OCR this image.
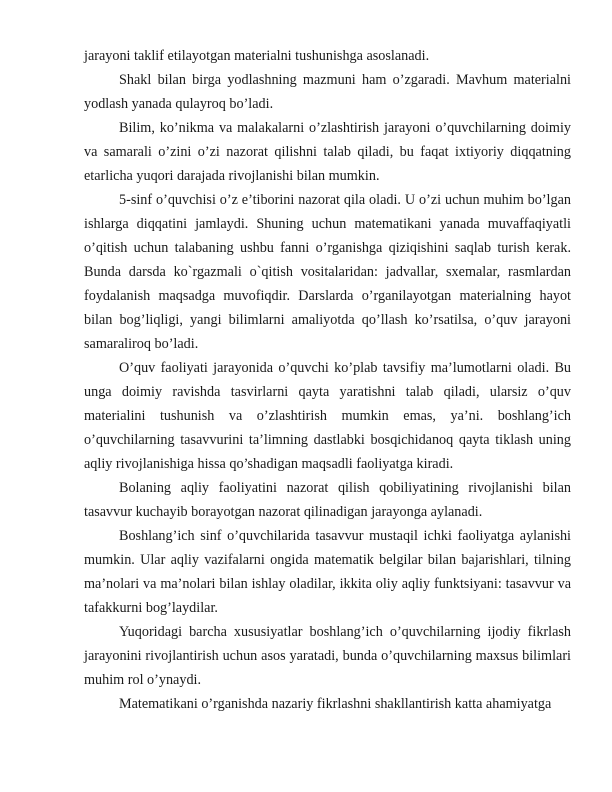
jarayoni taklif etilayotgan materialni tushunishga asoslanadi.

Shakl bilan birga yodlashning mazmuni ham o’zgaradi. Mavhum materialni yodlash yanada qulayroq bo’ladi.

Bilim, ko’nikma va malakalarni o’zlashtirish jarayoni o’quvchilarning doimiy va samarali o’zini o’zi nazorat qilishni talab qiladi, bu faqat ixtiyoriy diqqatning etarlicha yuqori darajada rivojlanishi bilan mumkin.

5-sinf o’quvchisi o’z e’tiborini nazorat qila oladi. U o’zi uchun muhim bo’lgan ishlarga diqqatini jamlaydi. Shuning uchun matematikani yanada muvaffaqiyatli o’qitish uchun talabaning ushbu fanni o’rganishga qiziqishini saqlab turish kerak. Bunda darsda ko`rgazmali o`qitish vositalaridan: jadvallar, sxemalar, rasmlardan foydalanish maqsadga muvofiqdir. Darslarda o’rganilayotgan materialning hayot bilan bog’liqligi, yangi bilimlarni amaliyotda qo’llash ko’rsatilsa, o’quv jarayoni samaraliroq bo’ladi.

O’quv faoliyati jarayonida o’quvchi ko’plab tavsifiy ma’lumotlarni oladi. Bu unga doimiy ravishda tasvirlarni qayta yaratishni talab qiladi, ularsiz o’quv materialini tushunish va o’zlashtirish mumkin emas, ya’ni. boshlang’ich o’quvchilarning tasavvurini ta’limning dastlabki bosqichidanoq qayta tiklash uning aqliy rivojlanishiga hissa qo’shadigan maqsadli faoliyatga kiradi.

Bolaning aqliy faoliyatini nazorat qilish qobiliyatining rivojlanishi bilan tasavvur kuchayib borayotgan nazorat qilinadigan jarayonga aylanadi.

Boshlang’ich sinf o’quvchilarida tasavvur mustaqil ichki faoliyatga aylanishi mumkin. Ular aqliy vazifalarni ongida matematik belgilar bilan bajarishlari, tilning ma’nolari va ma’nolari bilan ishlay oladilar, ikkita oliy aqliy funktsiyani: tasavvur va tafakkurni bog’laydilar.

Yuqoridagi barcha xususiyatlar boshlang’ich o’quvchilarning ijodiy fikrlash jarayonini rivojlantirish uchun asos yaratadi, bunda o’quvchilarning maxsus bilimlari muhim rol o’ynaydi.

Matematikani o’rganishda nazariy fikrlashni shakllantirish katta ahamiyatga
